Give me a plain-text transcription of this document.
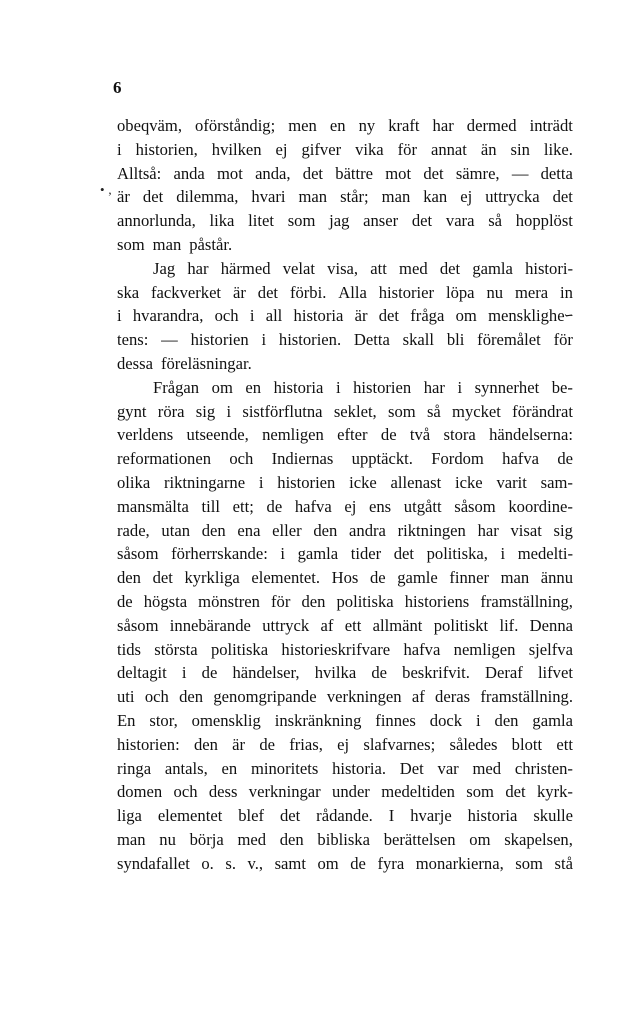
6
• ‚
obeqväm, oförståndig; men en ny kraft har dermed inträdt
i historien, hvilken ej gifver vika för annat än sin like.
Alltså: anda mot anda, det bättre mot det sämre, — detta
är det dilemma, hvari man står; man kan ej uttrycka det
annorlunda, lika litet som jag anser det vara så hopplöst
som man påstår.
Jag har härmed velat visa, att med det gamla histori-
ska fackverket är det förbi. Alla historier löpa nu mera in
i hvarandra, och i all historia är det fråga om menskligheｰ
tens: — historien i historien. Detta skall bli föremålet för
dessa föreläsningar.
Frågan om en historia i historien har i synnerhet be-
gynt röra sig i sistförflutna seklet, som så mycket förändrat
verldens utseende, nemligen efter de två stora händelserna:
reformationen och Indiernas upptäckt. Fordom hafva de
olika riktningarne i historien icke allenast icke varit sam-
mansmälta till ett; de hafva ej ens utgått såsom koordine-
rade, utan den ena eller den andra riktningen har visat sig
såsom förherrskande: i gamla tider det politiska, i medelti-
den det kyrkliga elementet. Hos de gamle finner man ännu
de högsta mönstren för den politiska historiens framställning,
såsom innebärande uttryck af ett allmänt politiskt lif. Denna
tids största politiska historieskrifvare hafva nemligen sjelfva
deltagit i de händelser, hvilka de beskrifvit. Deraf lifvet
uti och den genomgripande verkningen af deras framställning.
En stor, omensklig inskränkning finnes dock i den gamla
historien: den är de frias, ej slafvarnes; således blott ett
ringa antals, en minoritets historia. Det var med christen-
domen och dess verkningar under medeltiden som det kyrk-
liga elementet blef det rådande. I hvarje historia skulle
man nu börja med den bibliska berättelsen om skapelsen,
syndafallet o. s. v., samt om de fyra monarkierna, som stå
